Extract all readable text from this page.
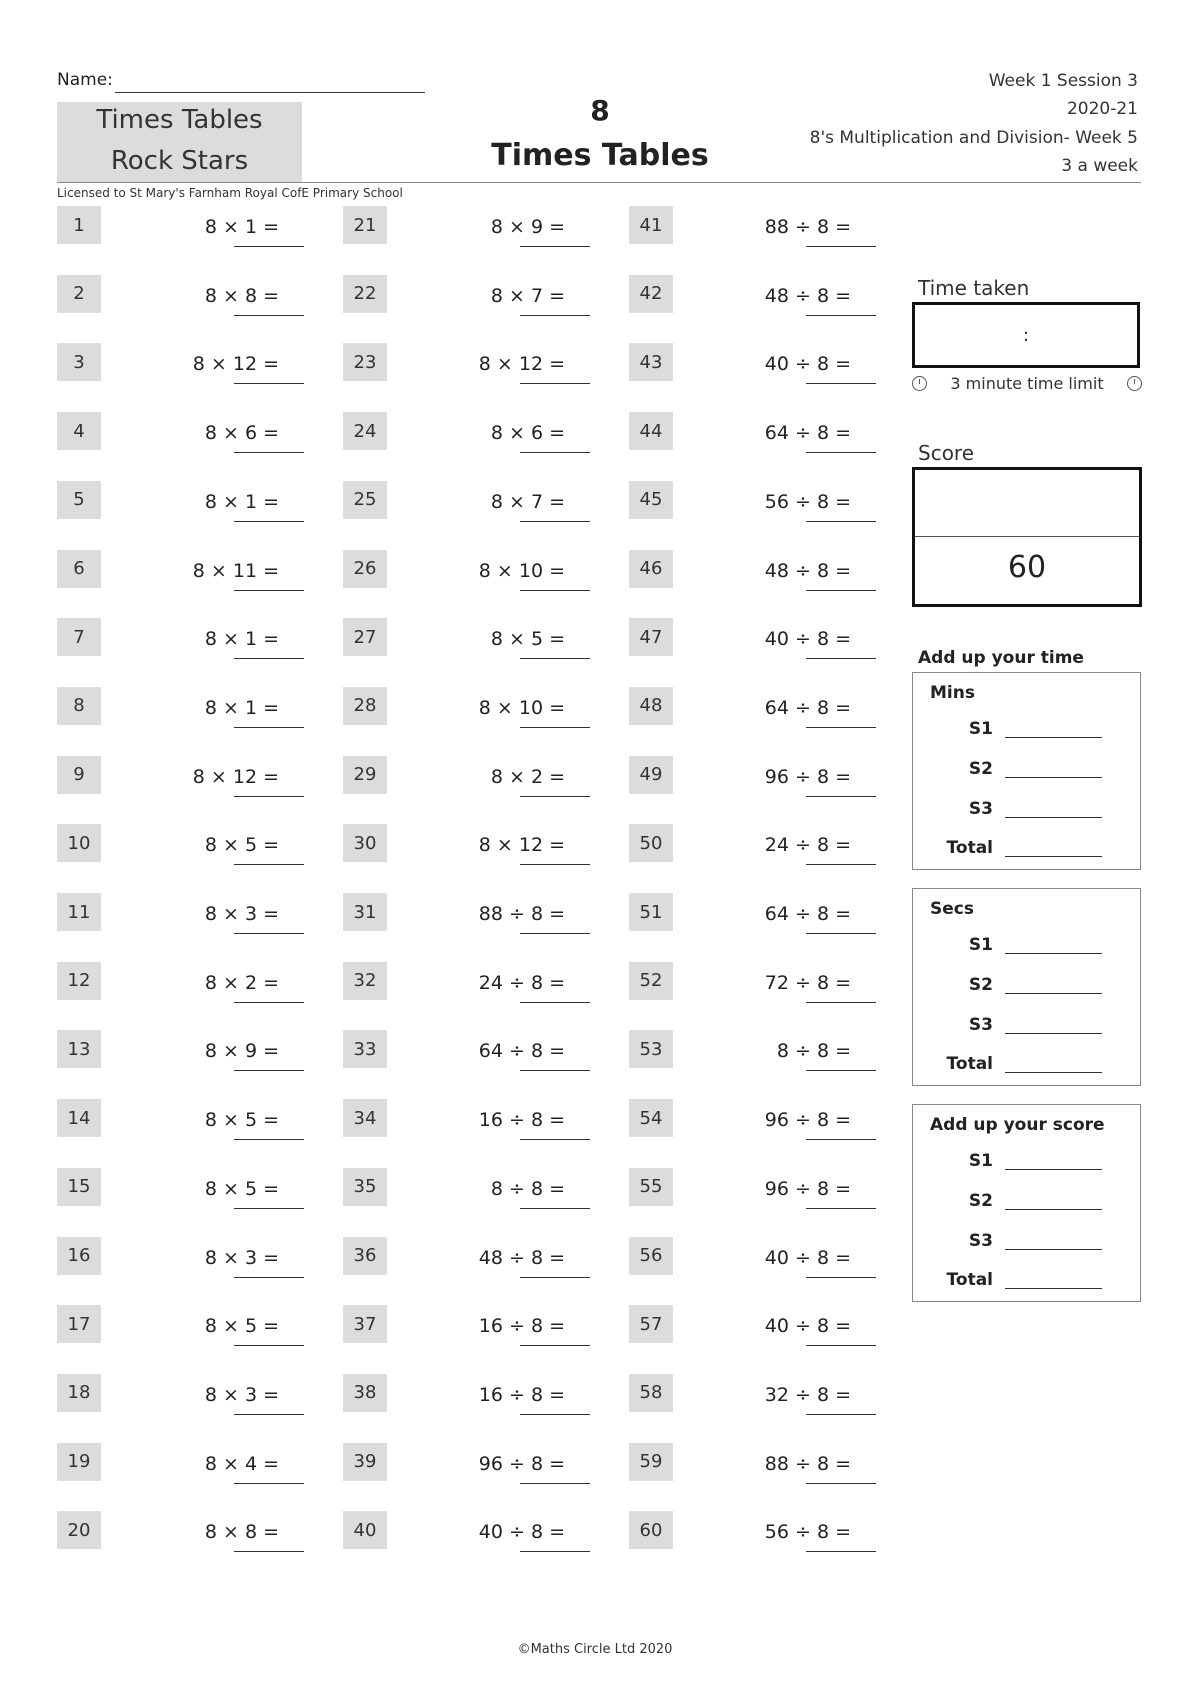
Name:
Times Tables
Rock Stars
8
Times Tables
Week 1 Session 3
2020-21
8's Multiplication and Division- Week 5
3 a week
Licensed to St Mary's Farnham Royal CofE Primary School
1	8 × 1 =
2	8 × 8 =
3	8 × 12 =
4	8 × 6 =
5	8 × 1 =
6	8 × 11 =
7	8 × 1 =
8	8 × 1 =
9	8 × 12 =
10	8 × 5 =
11	8 × 3 =
12	8 × 2 =
13	8 × 9 =
14	8 × 5 =
15	8 × 5 =
16	8 × 3 =
17	8 × 5 =
18	8 × 3 =
19	8 × 4 =
20	8 × 8 =
21	8 × 9 =
22	8 × 7 =
23	8 × 12 =
24	8 × 6 =
25	8 × 7 =
26	8 × 10 =
27	8 × 5 =
28	8 × 10 =
29	8 × 2 =
30	8 × 12 =
31	88 ÷ 8 =
32	24 ÷ 8 =
33	64 ÷ 8 =
34	16 ÷ 8 =
35	8 ÷ 8 =
36	48 ÷ 8 =
37	16 ÷ 8 =
38	16 ÷ 8 =
39	96 ÷ 8 =
40	40 ÷ 8 =
41	88 ÷ 8 =
42	48 ÷ 8 =
43	40 ÷ 8 =
44	64 ÷ 8 =
45	56 ÷ 8 =
46	48 ÷ 8 =
47	40 ÷ 8 =
48	64 ÷ 8 =
49	96 ÷ 8 =
50	24 ÷ 8 =
51	64 ÷ 8 =
52	72 ÷ 8 =
53	8 ÷ 8 =
54	96 ÷ 8 =
55	96 ÷ 8 =
56	40 ÷ 8 =
57	40 ÷ 8 =
58	32 ÷ 8 =
59	88 ÷ 8 =
60	56 ÷ 8 =
Time taken
:
3 minute time limit
Score
60
Add up your time
Mins
S1
S2
S3
Total
Secs
S1
S2
S3
Total
Add up your score
S1
S2
S3
Total
©Maths Circle Ltd 2020
